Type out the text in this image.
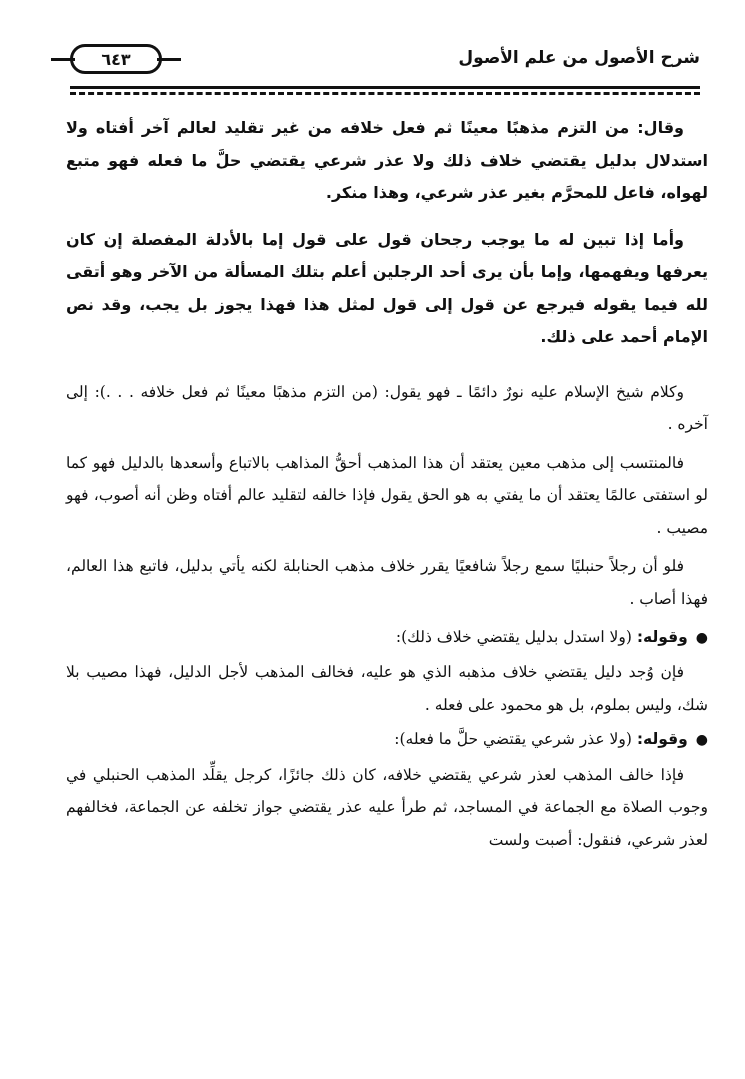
٦٤٣	شرح الأصول من علم الأصول

وقال: من التزم مذهبًا معينًا ثم فعل خلافه من غير تقليد لعالم آخر أفتاه ولا استدلال بدليل يقتضي خلاف ذلك ولا عذر شرعي يقتضي حلَّ ما فعله فهو متبع لهواه، فاعل للمحرَّم بغير عذر شرعي، وهذا منكر.

وأما إذا تبين له ما يوجب رجحان قول على قول إما بالأدلة المفصلة إن كان يعرفها ويفهمها، وإما بأن يرى أحد الرجلين أعلم بتلك المسألة من الآخر وهو أتقى لله فيما يقوله فيرجع عن قول إلى قول لمثل هذا فهذا يجوز بل يجب، وقد نص الإمام أحمد على ذلك.

وكلام شيخ الإسلام عليه نورٌ دائمًا ـ فهو يقول: (من التزم مذهبًا معينًا ثم فعل خلافه . . .): إلى آخره .

فالمنتسب إلى مذهب معين يعتقد أن هذا المذهب أحقُّ المذاهب بالاتباع وأسعدها بالدليل فهو كما لو استفتى عالمًا يعتقد أن ما يفتي به هو الحق يقول فإذا خالفه لتقليد عالم أفتاه وظن أنه أصوب، فهو مصيب .

فلو أن رجلاً حنبليًا سمع رجلاً شافعيًا يقرر خلاف مذهب الحنابلة لكنه يأتي بدليل، فاتبع هذا العالم، فهذا أصاب .

●وقوله: (ولا استدل بدليل يقتضي خلاف ذلك):

فإن وُجد دليل يقتضي خلاف مذهبه الذي هو عليه، فخالف المذهب لأجل الدليل، فهذا مصيب بلا شك، وليس بملوم، بل هو محمود على فعله .

●وقوله: (ولا عذر شرعي يقتضي حلَّ ما فعله):

فإذا خالف المذهب لعذر شرعي يقتضي خلافه، كان ذلك جائزًا، كرجل يقلِّد المذهب الحنبلي في وجوب الصلاة مع الجماعة في المساجد، ثم طرأ عليه عذر يقتضي جواز تخلفه عن الجماعة، فخالفهم لعذر شرعي، فنقول: أصبت ولست
